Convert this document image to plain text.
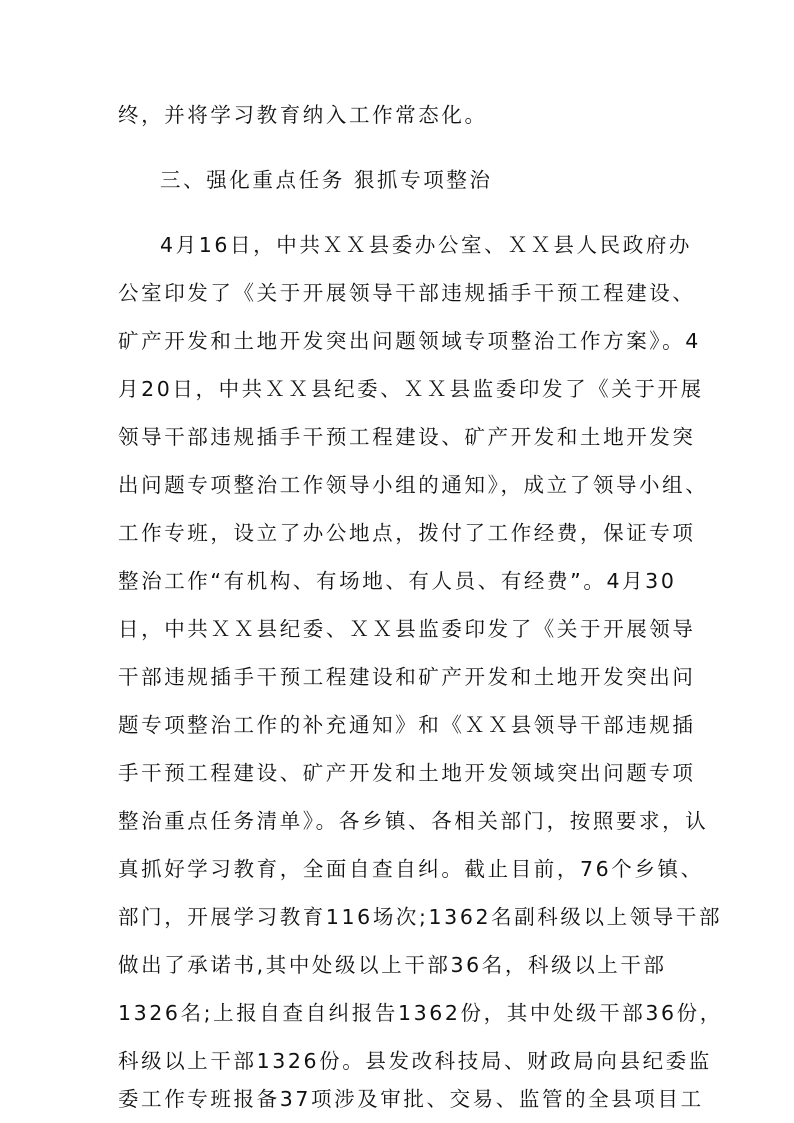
终，并将学习教育纳入工作常态化。
三、强化重点任务 狠抓专项整治
4月16日，中共ＸＸ县委办公室、ＸＸ县人民政府办
公室印发了《关于开展领导干部违规插手干预工程建设、
矿产开发和土地开发突出问题领域专项整治工作方案》。4
月20日，中共ＸＸ县纪委、ＸＸ县监委印发了《关于开展
领导干部违规插手干预工程建设、矿产开发和土地开发突
出问题专项整治工作领导小组的通知》，成立了领导小组、
工作专班，设立了办公地点，拨付了工作经费，保证专项
整治工作“有机构、有场地、有人员、有经费”。4月30
日，中共ＸＸ县纪委、ＸＸ县监委印发了《关于开展领导
干部违规插手干预工程建设和矿产开发和土地开发突出问
题专项整治工作的补充通知》和《ＸＸ县领导干部违规插
手干预工程建设、矿产开发和土地开发领域突出问题专项
整治重点任务清单》。各乡镇、各相关部门，按照要求，认
真抓好学习教育，全面自查自纠。截止目前，76个乡镇、
部门，开展学习教育116场次;1362名副科级以上领导干部
做出了承诺书,其中处级以上干部36名，科级以上干部
1326名;上报自查自纠报告1362份，其中处级干部36份，
科级以上干部1326份。县发改科技局、财政局向县纪委监
委工作专班报备37项涉及审批、交易、监管的全县项目工
